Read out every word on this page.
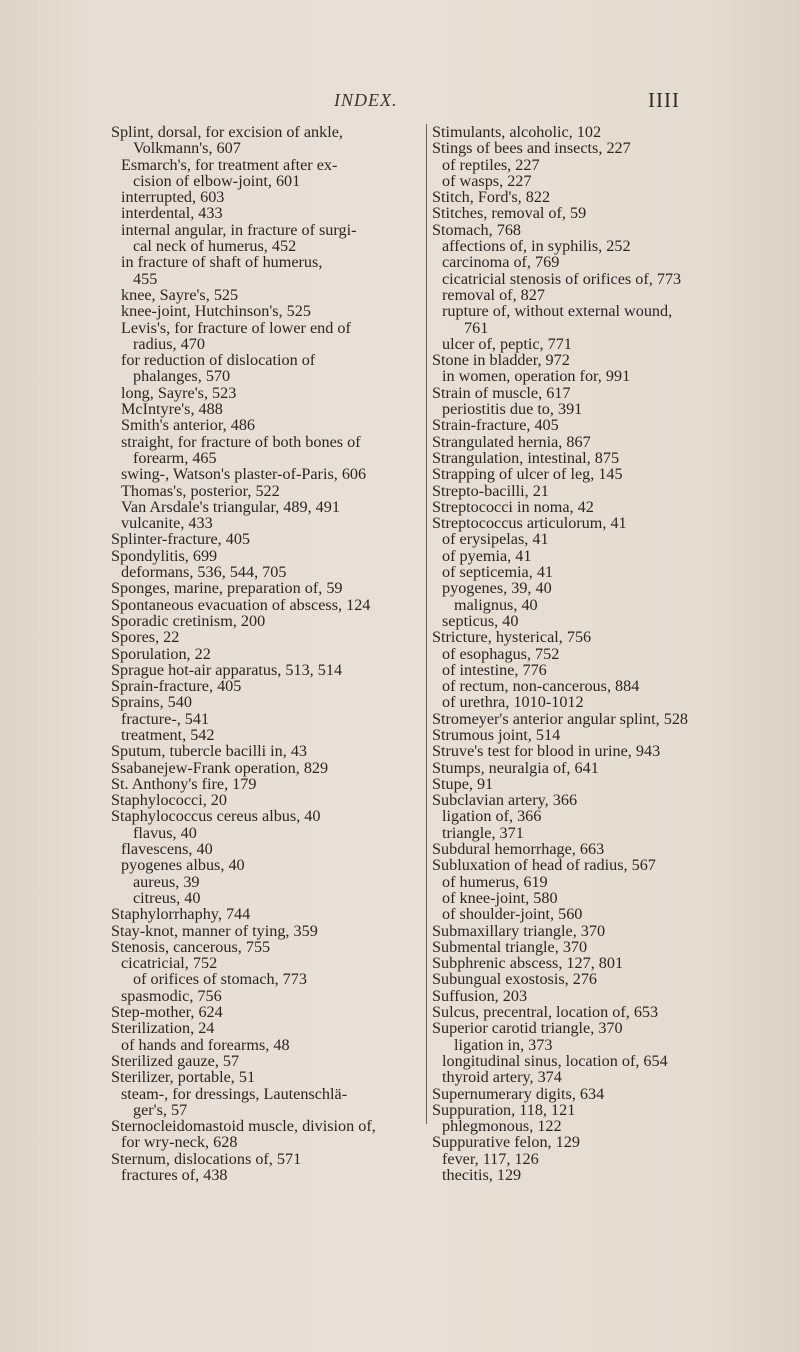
INDEX.	IIII
Splint, dorsal, for excision of ankle,
Volkmann's, 607
Esmarch's, for treatment after ex-
cision of elbow-joint, 601
interrupted, 603
interdental, 433
internal angular, in fracture of surgi-
cal neck of humerus, 452
in fracture of shaft of humerus,
455
knee, Sayre's, 525
knee-joint, Hutchinson's, 525
Levis's, for fracture of lower end of
radius, 470
for reduction of dislocation of
phalanges, 570
long, Sayre's, 523
McIntyre's, 488
Smith's anterior, 486
straight, for fracture of both bones of
forearm, 465
swing-, Watson's plaster-of-Paris, 606
Thomas's, posterior, 522
Van Arsdale's triangular, 489, 491
vulcanite, 433
Splinter-fracture, 405
Spondylitis, 699
deformans, 536, 544, 705
Sponges, marine, preparation of, 59
Spontaneous evacuation of abscess, 124
Sporadic cretinism, 200
Spores, 22
Sporulation, 22
Sprague hot-air apparatus, 513, 514
Sprain-fracture, 405
Sprains, 540
fracture-, 541
treatment, 542
Sputum, tubercle bacilli in, 43
Ssabanejew-Frank operation, 829
St. Anthony's fire, 179
Staphylococci, 20
Staphylococcus cereus albus, 40
flavus, 40
flavescens, 40
pyogenes albus, 40
aureus, 39
citreus, 40
Staphylorrhaphy, 744
Stay-knot, manner of tying, 359
Stenosis, cancerous, 755
cicatricial, 752
of orifices of stomach, 773
spasmodic, 756
Step-mother, 624
Sterilization, 24
of hands and forearms, 48
Sterilized gauze, 57
Sterilizer, portable, 51
steam-, for dressings, Lautenschlä-
ger's, 57
Sternocleidomastoid muscle, division of,
for wry-neck, 628
Sternum, dislocations of, 571
fractures of, 438
Stimulants, alcoholic, 102
Stings of bees and insects, 227
of reptiles, 227
of wasps, 227
Stitch, Ford's, 822
Stitches, removal of, 59
Stomach, 768
affections of, in syphilis, 252
carcinoma of, 769
cicatricial stenosis of orifices of, 773
removal of, 827
rupture of, without external wound,
761
ulcer of, peptic, 771
Stone in bladder, 972
in women, operation for, 991
Strain of muscle, 617
periostitis due to, 391
Strain-fracture, 405
Strangulated hernia, 867
Strangulation, intestinal, 875
Strapping of ulcer of leg, 145
Strepto-bacilli, 21
Streptococci in noma, 42
Streptococcus articulorum, 41
of erysipelas, 41
of pyemia, 41
of septicemia, 41
pyogenes, 39, 40
malignus, 40
septicus, 40
Stricture, hysterical, 756
of esophagus, 752
of intestine, 776
of rectum, non-cancerous, 884
of urethra, 1010-1012
Stromeyer's anterior angular splint, 528
Strumous joint, 514
Struve's test for blood in urine, 943
Stumps, neuralgia of, 641
Stupe, 91
Subclavian artery, 366
ligation of, 366
triangle, 371
Subdural hemorrhage, 663
Subluxation of head of radius, 567
of humerus, 619
of knee-joint, 580
of shoulder-joint, 560
Submaxillary triangle, 370
Submental triangle, 370
Subphrenic abscess, 127, 801
Subungual exostosis, 276
Suffusion, 203
Sulcus, precentral, location of, 653
Superior carotid triangle, 370
ligation in, 373
longitudinal sinus, location of, 654
thyroid artery, 374
Supernumerary digits, 634
Suppuration, 118, 121
phlegmonous, 122
Suppurative felon, 129
fever, 117, 126
thecitis, 129
